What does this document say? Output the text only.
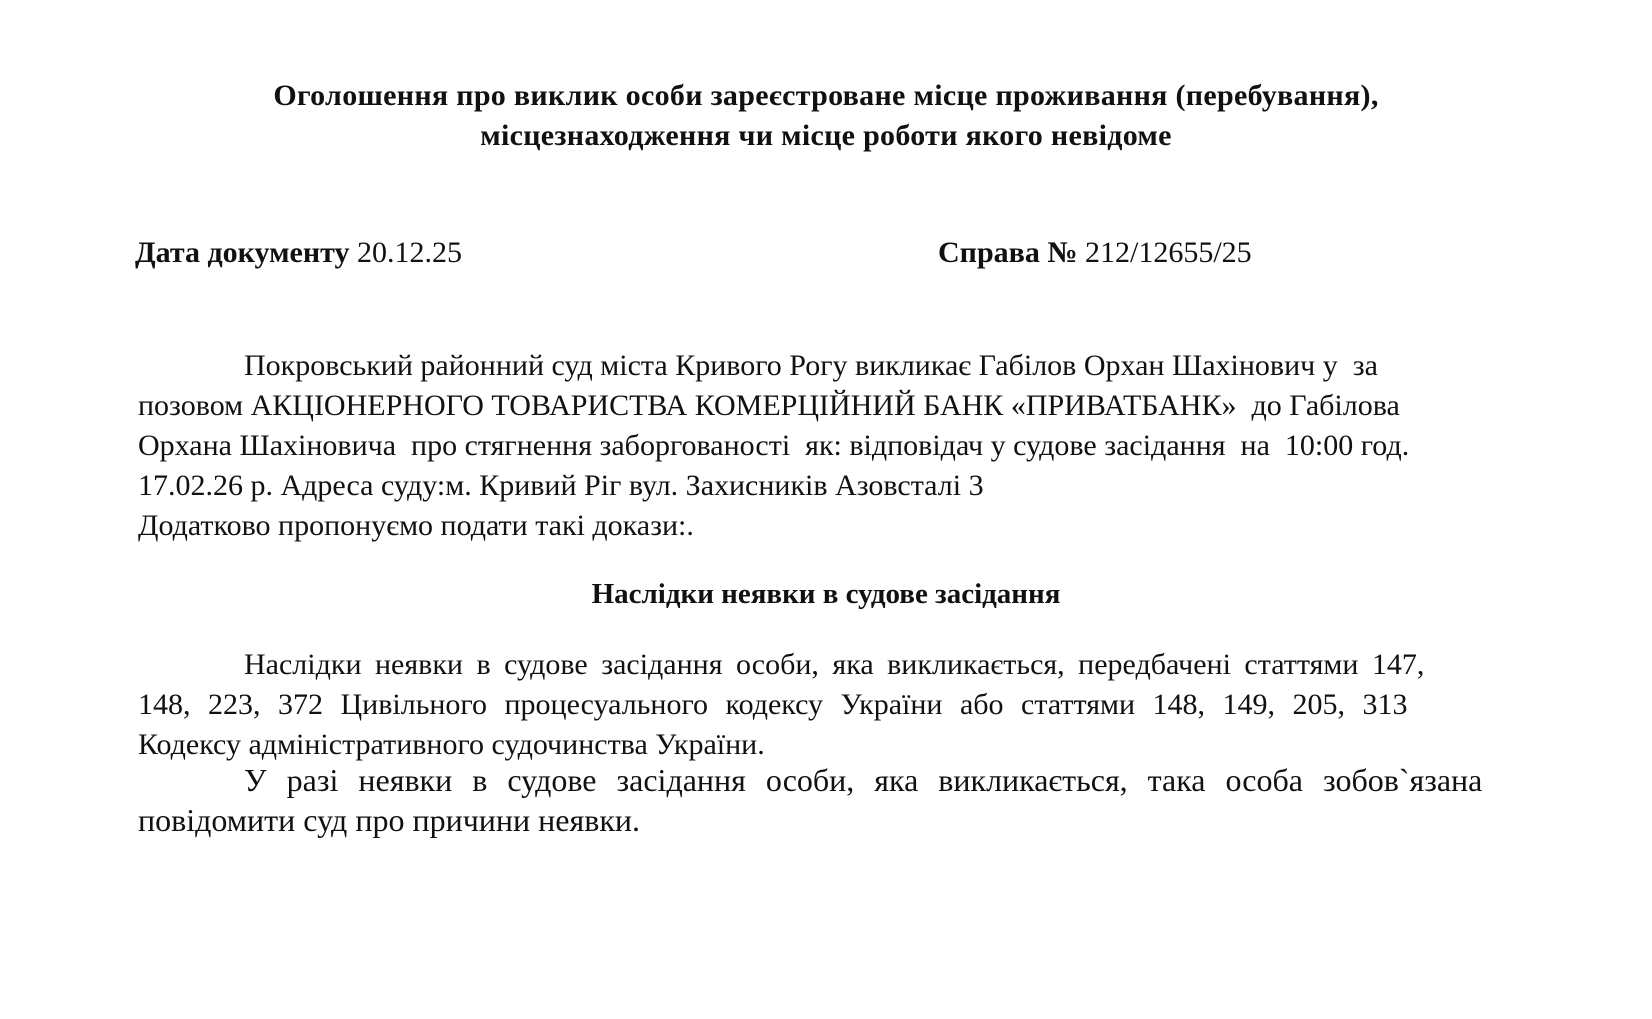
Оголошення про виклик особи зареєстроване місце проживання (перебування),
місцезнаходження чи місце роботи якого невідоме
Дата документу 20.12.25	Справа № 212/12655/25
Покровський районний суд міста Кривого Рогу викликає Габілов Орхан Шахінович у  за
позовом АКЦІОНЕРНОГО ТОВАРИСТВА КОМЕРЦІЙНИЙ БАНК «ПРИВАТБАНК»  до Габілова
Орхана Шахіновича  про стягнення заборгованості  як: відповідач у судове засідання  на  10:00 год.
17.02.26 р. Адреса суду:м. Кривий Ріг вул. Захисників Азовсталі 3
Додатково пропонуємо подати такі докази:.
Наслідки неявки в судове засідання
Наслідки неявки в судове засідання особи, яка викликається, передбачені статтями 147,
148, 223, 372 Цивільного процесуального кодексу України або статтями 148, 149, 205, 313
Кодексу адміністративного судочинства України.
У разі неявки в судове засідання особи, яка викликається, така особа зобов`язана
повідомити суд про причини неявки.
